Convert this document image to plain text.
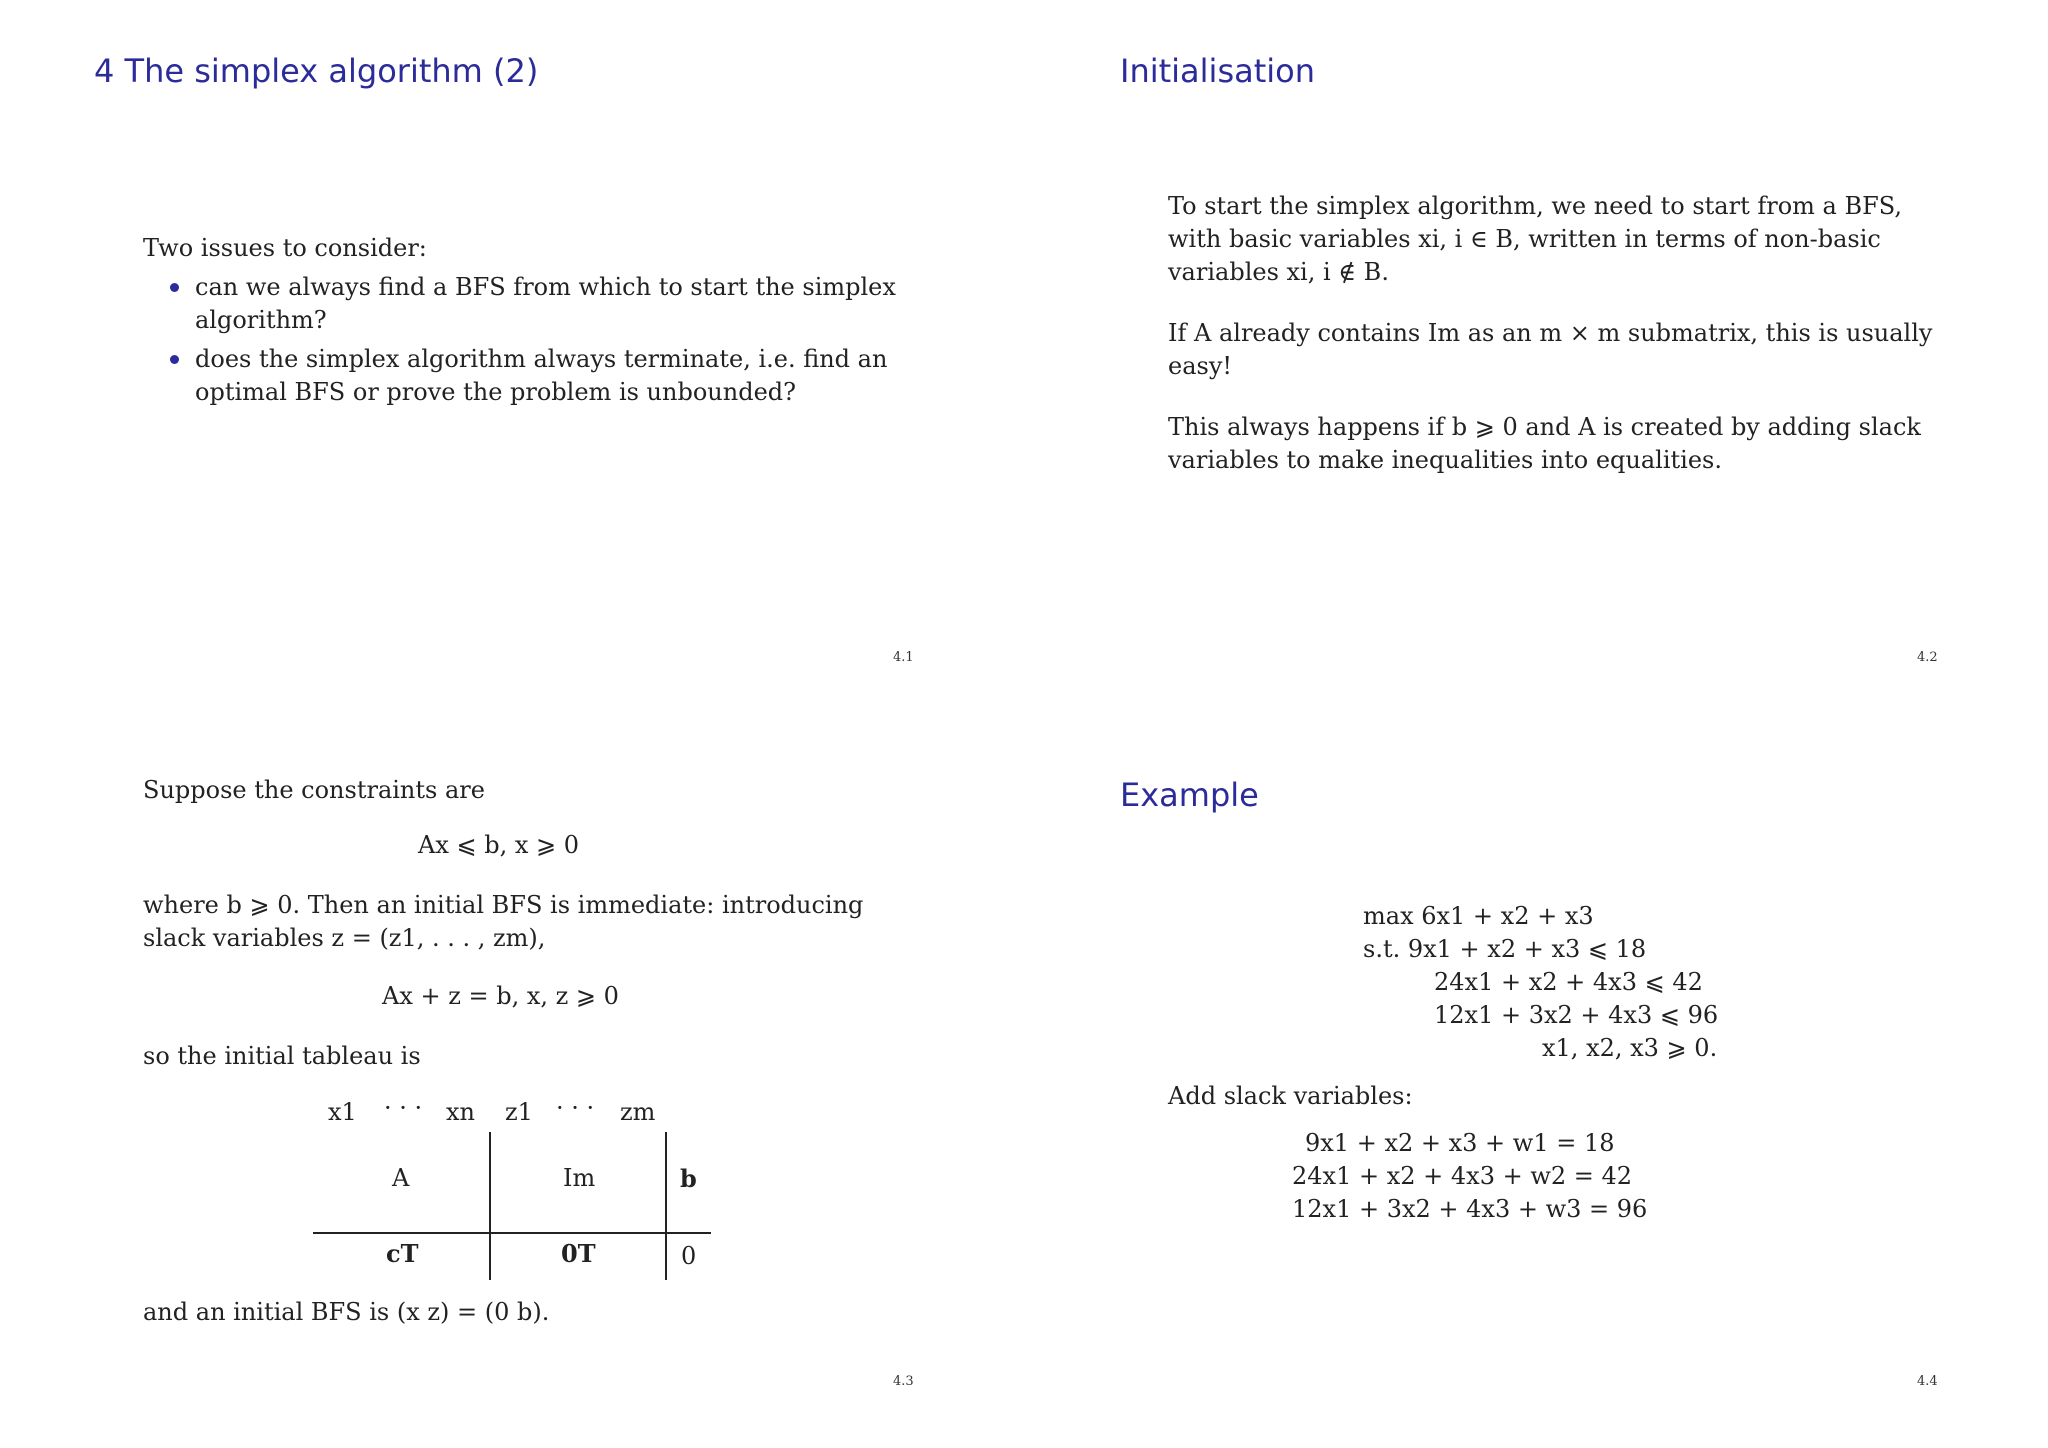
4 The simplex algorithm (2)
Two issues to consider:
can we always find a BFS from which to start the simplex algorithm?
does the simplex algorithm always terminate, i.e. find an optimal BFS or prove the problem is unbounded?
4.1
Initialisation

To start the simplex algorithm, we need to start from a BFS, with basic variables xi, i ∈ B, written in terms of non-basic variables xi, i ∉ B.

If A already contains Im as an m × m submatrix, this is usually easy!

This always happens if b ⩾ 0 and A is created by adding slack variables to make inequalities into equalities.

4.2
Suppose the constraints are
Ax ⩽ b, x ⩾ 0
where b ⩾ 0. Then an initial BFS is immediate: introducing slack variables z = (z1, . . . , zm),
Ax + z = b, x, z ⩾ 0
so the initial tableau is
x1 · · · xn z1 · · · zm
A	Im	b
cT	0T	0
and an initial BFS is (x z) = (0 b).
4.3
Example
max 6x1 + x2 + x3
s.t. 9x1 + x2 + x3 ⩽ 18
24x1 + x2 + 4x3 ⩽ 42
12x1 + 3x2 + 4x3 ⩽ 96
x1, x2, x3 ⩾ 0.
Add slack variables:
9x1 + x2 + x3 + w1 = 18
24x1 + x2 + 4x3 + w2 = 42
12x1 + 3x2 + 4x3 + w3 = 96
4.4
